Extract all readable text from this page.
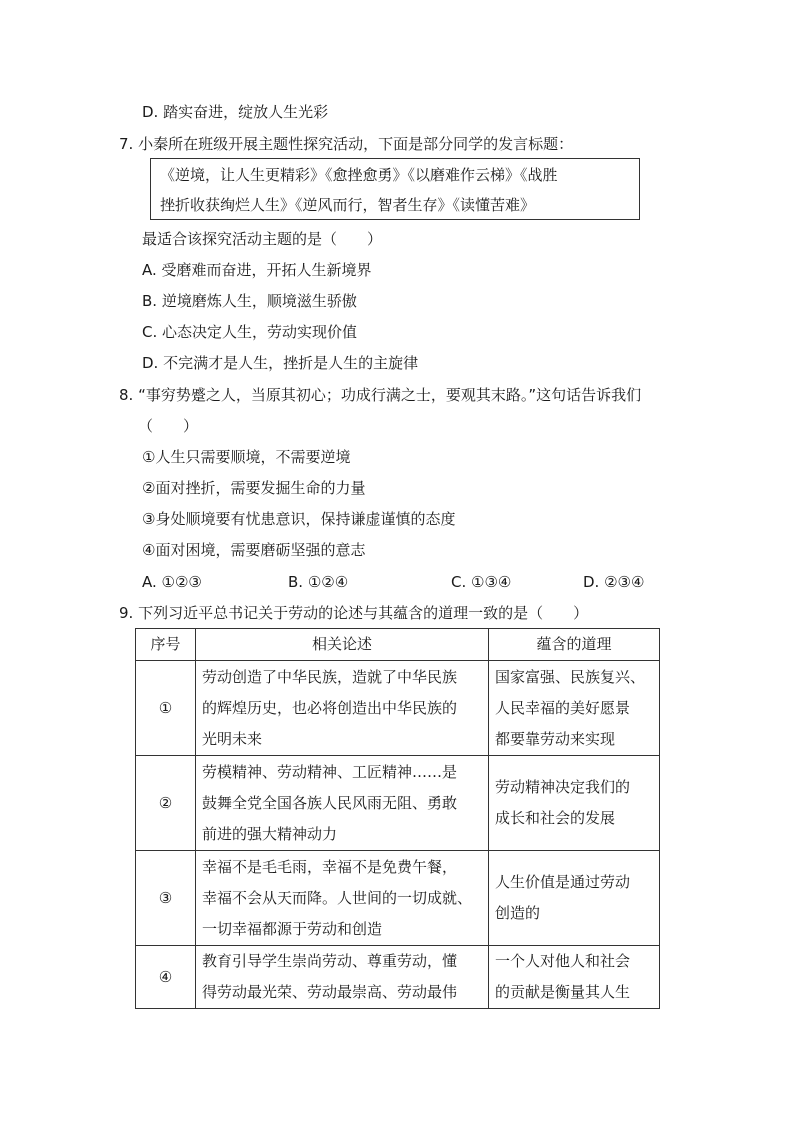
D. 踏实奋进，绽放人生光彩
7. 小秦所在班级开展主题性探究活动，下面是部分同学的发言标题：
《逆境，让人生更精彩》《愈挫愈勇》《以磨难作云梯》《战胜
挫折收获绚烂人生》《逆风而行，智者生存》《读懂苦难》
最适合该探究活动主题的是（　　）
A. 受磨难而奋进，开拓人生新境界
B. 逆境磨炼人生，顺境滋生骄傲
C. 心态决定人生，劳动实现价值
D. 不完满才是人生，挫折是人生的主旋律
8. “事穷势蹙之人，当原其初心；功成行满之士，要观其末路。”这句话告诉我们
（　　）
①人生只需要顺境，不需要逆境
②面对挫折，需要发掘生命的力量
③身处顺境要有忧患意识，保持谦虚谨慎的态度
④面对困境，需要磨砺坚强的意志
A. ①②③	B. ①②④	C. ①③④	D. ②③④
9. 下列习近平总书记关于劳动的论述与其蕴含的道理一致的是（　　）
序号	相关论述	蕴含的道理
①	劳动创造了中华民族，造就了中华民族
的辉煌历史，也必将创造出中华民族的
光明未来	国家富强、民族复兴、
人民幸福的美好愿景
都要靠劳动来实现

②	劳模精神、劳动精神、工匠精神……是
鼓舞全党全国各族人民风雨无阻、勇敢
前进的强大精神动力	劳动精神决定我们的
成长和社会的发展

③	幸福不是毛毛雨，幸福不是免费午餐，
幸福不会从天而降。人世间的一切成就、
一切幸福都源于劳动和创造	人生价值是通过劳动
创造的

④	教育引导学生崇尚劳动、尊重劳动，懂
得劳动最光荣、劳动最崇高、劳动最伟	一个人对他人和社会
的贡献是衡量其人生
